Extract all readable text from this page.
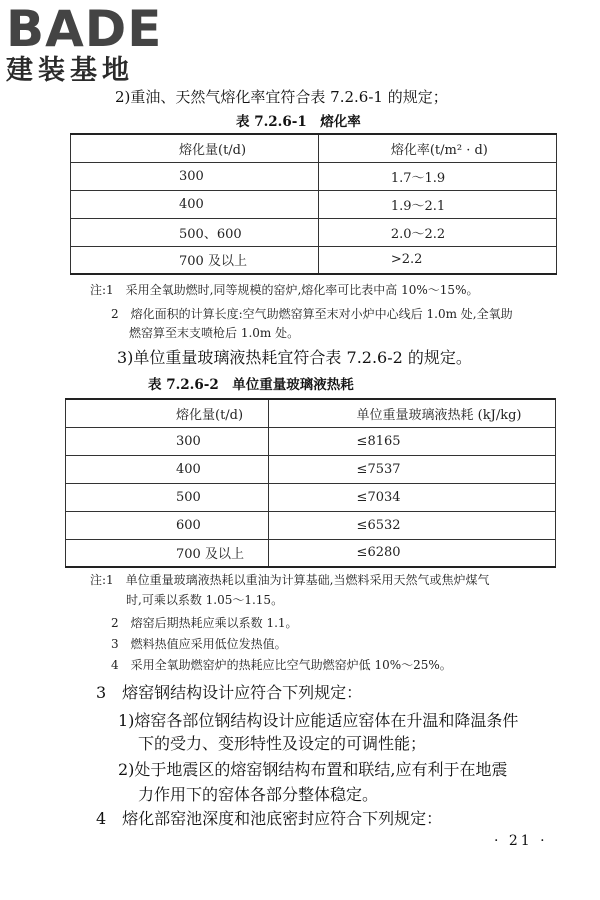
BADE
建装基地
2)重油、天然气熔化率宜符合表 7.2.6-1 的规定；
表 7.2.6-1　熔化率
熔化量(t/d)	熔化率(t/m² · d)
300	1.7～1.9
400	1.9～2.1
500、600	2.0～2.2
700 及以上	>2.2
注:1　采用全氧助燃时,同等规模的窑炉,熔化率可比表中高 10%～15%。
2　熔化面积的计算长度:空气助燃窑算至末对小炉中心线后 1.0m 处,全氧助
燃窑算至末支喷枪后 1.0m 处。
3)单位重量玻璃液热耗宜符合表 7.2.6-2 的规定。
表 7.2.6-2　单位重量玻璃液热耗
熔化量(t/d)	单位重量玻璃液热耗 (kJ/kg)
300	≤8165
400	≤7537
500	≤7034
600	≤6532
700 及以上	≤6280
注:1　单位重量玻璃液热耗以重油为计算基础,当燃料采用天然气或焦炉煤气
时,可乘以系数 1.05～1.15。
2　熔窑后期热耗应乘以系数 1.1。
3　燃料热值应采用低位发热值。
4　采用全氧助燃窑炉的热耗应比空气助燃窑炉低 10%～25%。
3　熔窑钢结构设计应符合下列规定：
1)熔窑各部位钢结构设计应能适应窑体在升温和降温条件
下的受力、变形特性及设定的可调性能；
2)处于地震区的熔窑钢结构布置和联结,应有利于在地震
力作用下的窑体各部分整体稳定。
4　熔化部窑池深度和池底密封应符合下列规定：
· 21 ·
